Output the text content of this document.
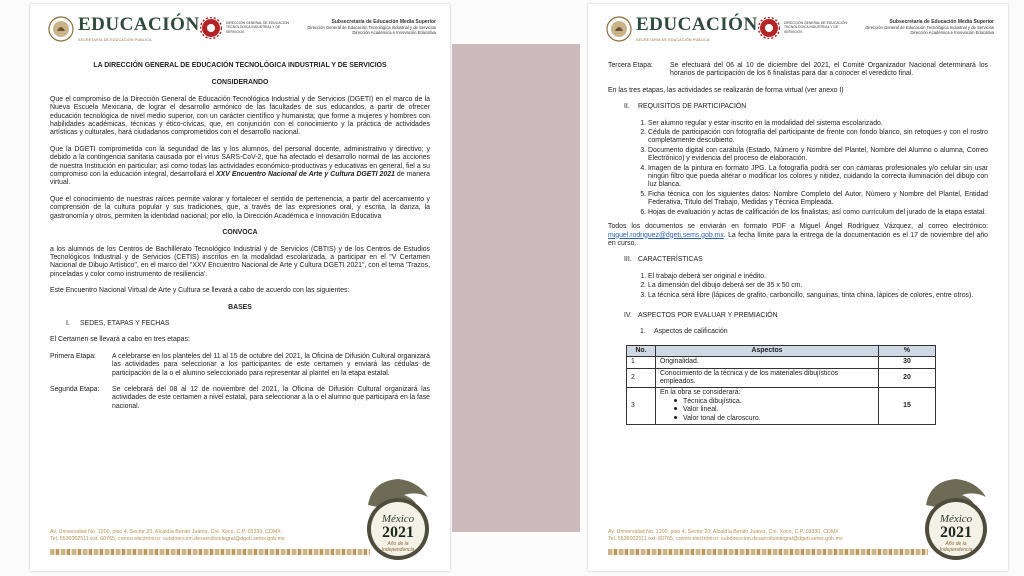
EDUCACIÓN
SECRETARÍA DE EDUCACIÓN PÚBLICA
DIRECCIÓN GENERAL DE EDUCACIÓN TECNOLÓGICA INDUSTRIAL Y DE SERVICIOS
Subsecretaría de Educación Media Superior
Dirección General de Educación Tecnológica Industrial y de Servicios
Dirección Académica e Innovación Educativa
LA DIRECCIÓN GENERAL DE EDUCACIÓN TECNOLÓGICA INDUSTRIAL Y DE SERVICIOS
CONSIDERANDO

Que el compromiso de la Dirección General de Educación Tecnológica Industrial y de Servicios (DGETI) en el marco de la Nueva Escuela Mexicana, de lograr el desarrollo armónico de las facultades de sus educandos, a partir de ofrecer educación tecnológica de nivel medio superior, con un carácter científico y humanista; que forme a mujeres y hombres con habilidades académicas, técnicas y ético-cívicas, que, en conjunción con el conocimiento y la práctica de actividades artísticas y culturales, hará ciudadanos comprometidos con el desarrollo nacional.

Que la DGETI comprometida con la seguridad de las y los alumnos, del personal docente, administrativo y directivo; y debido a la contingencia sanitaria causada por el virus SARS-CoV-2, que ha afectado el desarrollo normal de las acciones de nuestra Institución en particular; así como todas las actividades económico-productivas y educativas en general, fiel a su compromiso con la educación integral, desarrollará el XXV Encuentro Nacional de Arte y Cultura DGETI 2021 de manera virtual.

Que el conocimiento de nuestras raíces permite valorar y fortalecer el sentido de pertenencia, a partir del acercamiento y comprensión de la cultura popular y sus tradiciones, que, a través de las expresiones oral, y escrita, la danza, la gastronomía y otros, permiten la identidad nacional; por ello, la Dirección Académica e Innovación Educativa

CONVOCA

a los alumnos de los Centros de Bachillerato Tecnológico Industrial y de Servicios (CBTIS) y de los Centros de Estudios Tecnológicos Industrial y de Servicios (CETIS) inscritos en la modalidad escolarizada, a participar en el "V Certamen Nacional de Dibujo Artístico", en el marco del "XXV Encuentro Nacional de Arte y Cultura DGETI 2021", con el tema 'Trazos, pinceladas y color como instrumento de resiliencia'.

Este Encuentro Nacional Virtual de Arte y Cultura se llevará a cabo de acuerdo con las siguientes:

BASES
I. SEDES, ETAPAS Y FECHAS

El Certamen se llevará a cabo en tres etapas:

Primera Etapa:	A celebrarse en los planteles del 11 al 15 de octubre del 2021, la Oficina de Difusión Cultural organizará las actividades para seleccionar a los participantes de este certamen y enviará las cédulas de participación de la o el alumno seleccionado para representar al plantel en la etapa estatal.
Segunda Etapa:	Se celebrará del 08 al 12 de noviembre del 2021, la Oficina de Difusión Cultural organizará las actividades de este certamen a nivel estatal, para seleccionar a la o el alumno que participará en la fase nacional.
Av. Universidad No. 1200, piso 4, Sector 20, Alcaldía Benito Juárez, Col. Xoco, C.P. 03330, CDMX
Tel. 5536002511 ext. 60765, correo electrónico: subdireccion.desarrollointegral@dgeti.sems.gob.mx
México
2021
Año de la
Independencia
EDUCACIÓN
SECRETARÍA DE EDUCACIÓN PÚBLICA
DIRECCIÓN GENERAL DE EDUCACIÓN TECNOLÓGICA INDUSTRIAL Y DE SERVICIOS
Subsecretaría de Educación Media Superior
Dirección General de Educación Tecnológica Industrial y de Servicios
Dirección Académica e Innovación Educativa
Tercera Etapa:	Se efectuará del 06 al 10 de diciembre del 2021, el Comité Organizador Nacional determinará los horarios de participación de los 6 finalistas para dar a conocer el veredicto final.

En las tres etapas, las actividades se realizarán de forma virtual (ver anexo I)

II. REQUISITOS DE PARTICIPACIÓN
1. Ser alumno regular y estar inscrito en la modalidad del sistema escolarizado.
2. Cédula de participación con fotografía del participante de frente con fondo blanco, sin retoques y con el rostro completamente descubierto.
3. Documento digital con carátula (Estado, Número y Nombre del Plantel, Nombre del Alumno o alumna, Correo Electrónico) y evidencia del proceso de elaboración.
4. Imagen de la pintura en formato JPG. La fotografía podrá ser con cámaras profesionales y/o celular sin usar ningún filtro que pueda alterar o modificar los colores y nitidez, cuidando la correcta iluminación del dibujo con luz blanca.
5. Ficha técnica con los siguientes datos: Nombre Completo del Autor, Número y Nombre del Plantel, Entidad Federativa, Título del Trabajo, Medidas y Técnica Empleada.
6. Hojas de evaluación y actas de calificación de los finalistas, así como currículum del jurado de la etapa estatal.

Todos los documentos se enviarán en formato PDF a Miguel Ángel Rodríguez Vázquez, al correo electrónico: miguel.rodriguez@dgeti.sems.gob.mx. La fecha límite para la entrega de la documentación es el 17 de noviembre del año en curso.

III. CARACTERÍSTICAS
1. El trabajo deberá ser original e inédito.
2. La dimensión del dibujo deberá ser de 35 x 50 cm.
3. La técnica será libre (lápices de grafito, carboncillo, sanguinas, tinta china, lápices de colores, entre otros).
IV. ASPECTOS POR EVALUAR Y PREMIACIÓN
1. Aspectos de calificación
No.	Aspectos	%
1	Originalidad.	30
2	Conocimiento de la técnica y de los materiales dibujísticos empleados.	20
3	En la obra se considerará:
Técnica dibujística.
Valor lineal.
Valor tonal de claroscuro.	15
Av. Universidad No. 1200, piso 4, Sector 20, Alcaldía Benito Juárez, Col. Xoco, C.P. 03330, CDMX
Tel. 5536002511 ext. 60765, correo electrónico: subdireccion.desarrollointegral@dgeti.sems.gob.mx
México
2021
Año de la
Independencia
